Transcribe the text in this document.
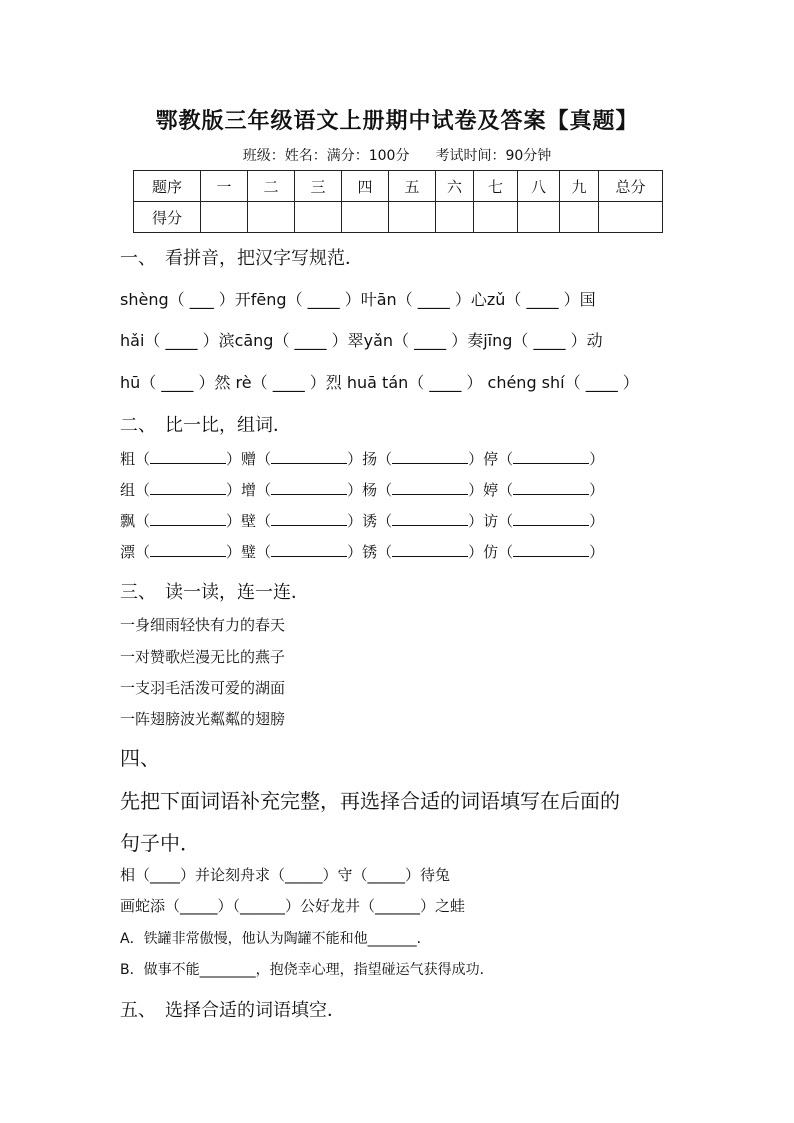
鄂教版三年级语文上册期中试卷及答案【真题】
班级：姓名：满分：100分 考试时间：90分钟
题序	一	二	三	四	五	六	七	八	九	总分
得分										
一、　看拼音，把汉字写规范．
shèng（ ___ ）开fēng（ ____ ）叶ān（ ____ ）心zǔ（ ____ ）国
hǎi（ ____ ）滨cāng（ ____ ）翠yǎn（ ____ ）奏jīng（ ____ ）动
hū（ ____ ）然 rè（ ____ ）烈 huā tán（ ____ ） chéng shí（ ____ ）
二、　比一比，组词．
粗（	）赠（	）扬（	）停（	）
组（	）增（	）杨（	）婷（	）
飘（	）壁（	）诱（	）访（	）
漂（	）璧（	）锈（	）仿（	）
三、　读一读，连一连．
一身细雨轻快有力的春天
一对赞歌烂漫无比的燕子
一支羽毛活泼可爱的湖面
一阵翅膀波光粼粼的翅膀
四、
先把下面词语补充完整，再选择合适的词语填写在后面的
句子中．
相（____）并论刻舟求（_____）守（_____）待兔
画蛇添（_____）（______）公好龙井（______）之蛙
A．铁罐非常傲慢，他认为陶罐不能和他_______．
B．做事不能________，抱侥幸心理，指望碰运气获得成功．
五、　选择合适的词语填空．
